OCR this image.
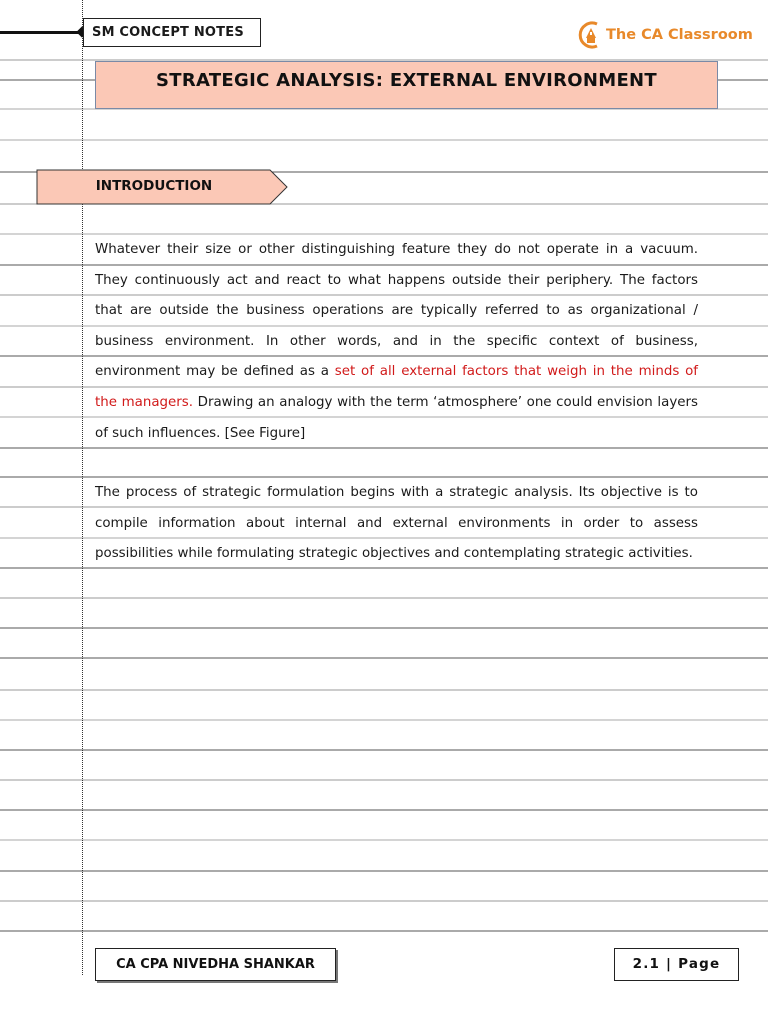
SM CONCEPT NOTES	The CA Classroom
STRATEGIC ANALYSIS: EXTERNAL ENVIRONMENT
INTRODUCTION
Whatever their size or other distinguishing feature they do not operate in a vacuum. They continuously act and react to what happens outside their periphery. The factors that are outside the business operations are typically referred to as organizational / business environment. In other words, and in the specific context of business, environment may be defined as a set of all external factors that weigh in the minds of the managers. Drawing an analogy with the term ‘atmosphere’ one could envision layers of such influences. [See Figure]
The process of strategic formulation begins with a strategic analysis. Its objective is to compile information about internal and external environments in order to assess possibilities while formulating strategic objectives and contemplating strategic activities.
CA CPA NIVEDHA SHANKAR	2.1 | Page
